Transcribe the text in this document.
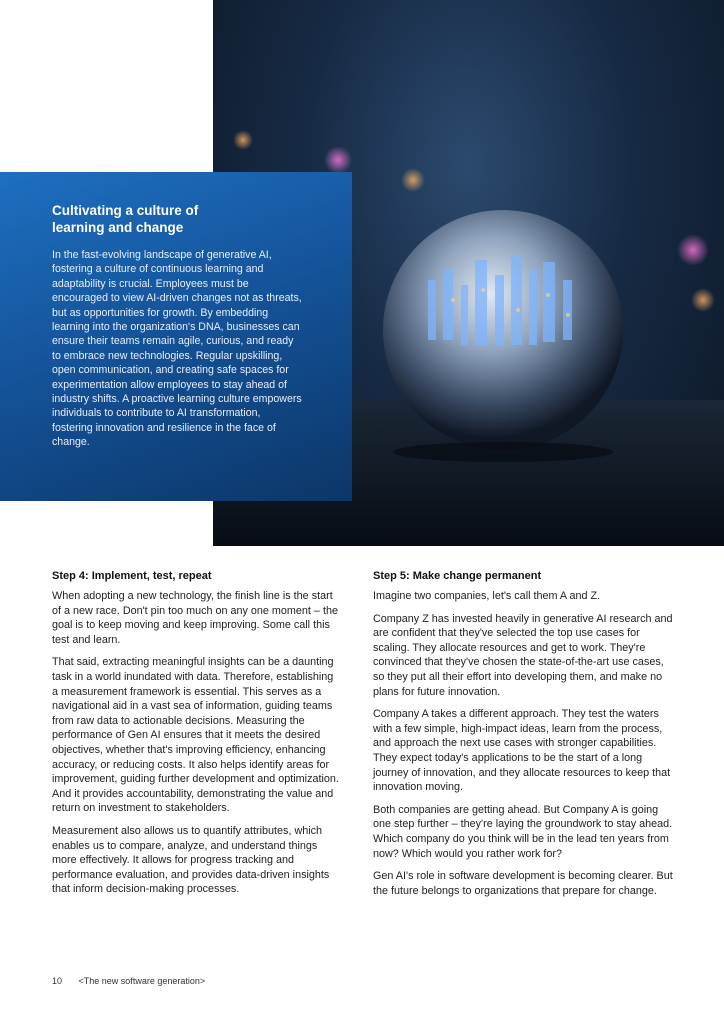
Cultivating a culture of learning and change

In the fast-evolving landscape of generative AI, fostering a culture of continuous learning and adaptability is crucial. Employees must be encouraged to view AI-driven changes not as threats, but as opportunities for growth. By embedding learning into the organization's DNA, businesses can ensure their teams remain agile, curious, and ready to embrace new technologies. Regular upskilling, open communication, and creating safe spaces for experimentation allow employees to stay ahead of industry shifts. A proactive learning culture empowers individuals to contribute to AI transformation, fostering innovation and resilience in the face of change.

Step 4: Implement, test, repeat

When adopting a new technology, the finish line is the start of a new race. Don't pin too much on any one moment – the goal is to keep moving and keep improving. Some call this test and learn.

That said, extracting meaningful insights can be a daunting task in a world inundated with data. Therefore, establishing a measurement framework is essential. This serves as a navigational aid in a vast sea of information, guiding teams from raw data to actionable decisions. Measuring the performance of Gen AI ensures that it meets the desired objectives, whether that's improving efficiency, enhancing accuracy, or reducing costs. It also helps identify areas for improvement, guiding further development and optimization. And it provides accountability, demonstrating the value and return on investment to stakeholders.

Measurement also allows us to quantify attributes, which enables us to compare, analyze, and understand things more effectively. It allows for progress tracking and performance evaluation, and provides data-driven insights that inform decision-making processes.

Step 5: Make change permanent

Imagine two companies, let's call them A and Z.

Company Z has invested heavily in generative AI research and are confident that they've selected the top use cases for scaling. They allocate resources and get to work. They're convinced that they've chosen the state-of-the-art use cases, so they put all their effort into developing them, and make no plans for future innovation.

Company A takes a different approach. They test the waters with a few simple, high-impact ideas, learn from the process, and approach the next use cases with stronger capabilities. They expect today's applications to be the start of a long journey of innovation, and they allocate resources to keep that innovation moving.

Both companies are getting ahead. But Company A is going one step further – they're laying the groundwork to stay ahead. Which company do you think will be in the lead ten years from now? Which would you rather work for?

Gen AI's role in software development is becoming clearer. But the future belongs to organizations that prepare for change.

10 <The new software generation>
